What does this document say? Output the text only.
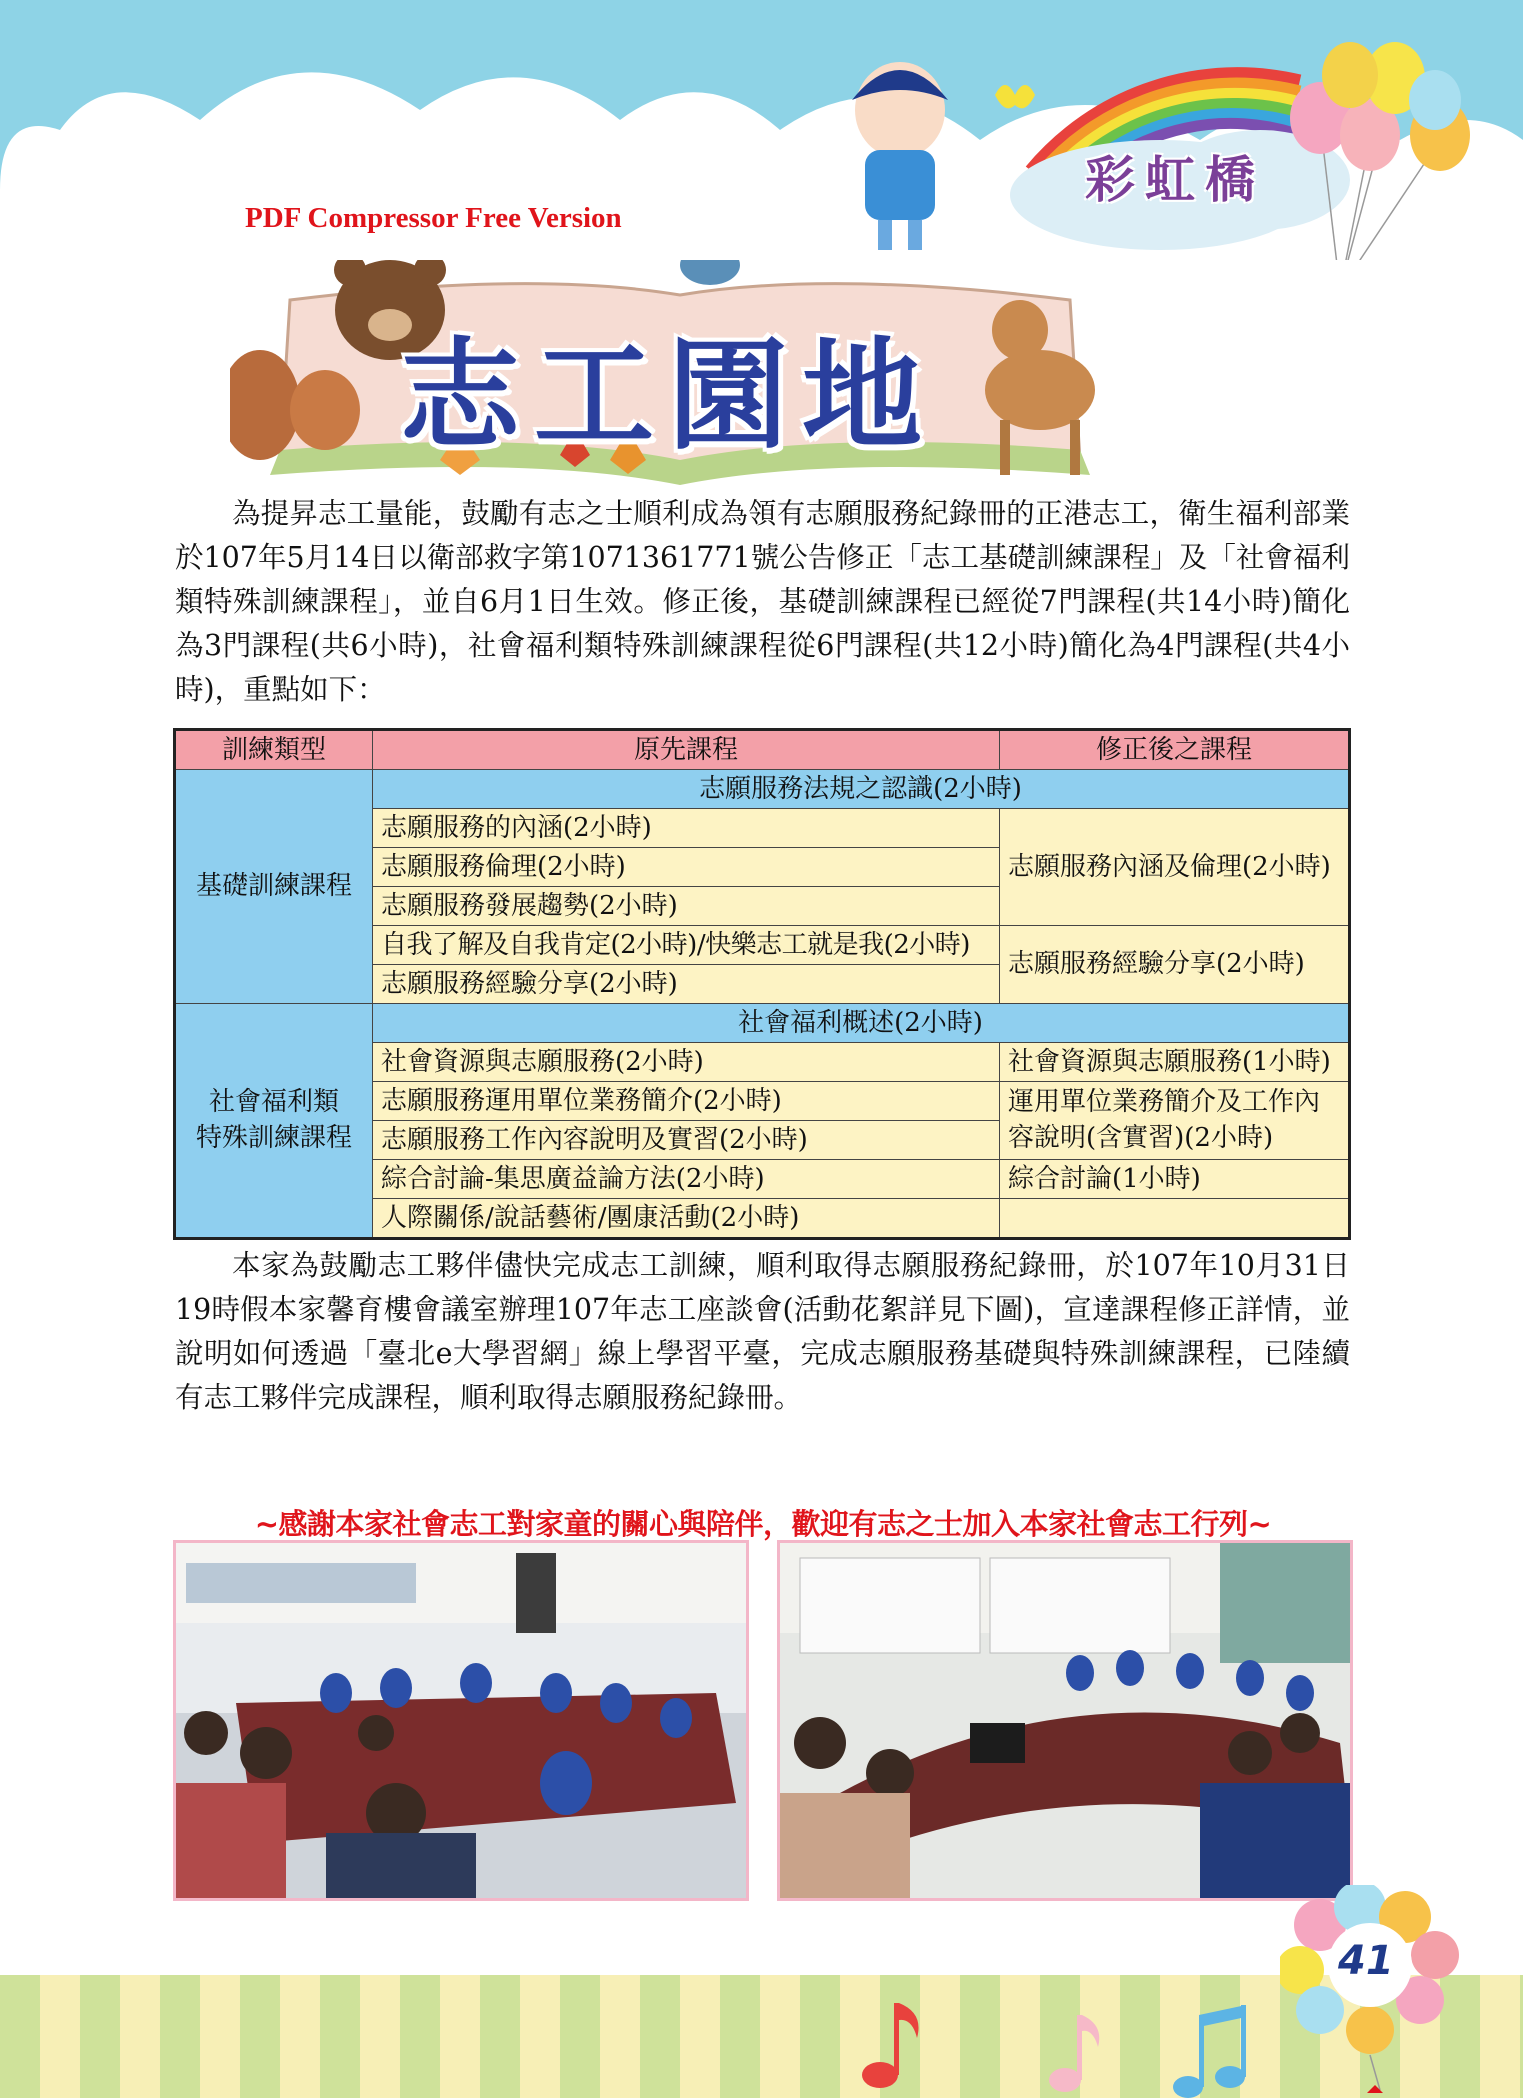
PDF Compressor Free Version
彩虹橋
志工園地

為提昇志工量能，鼓勵有志之士順利成為領有志願服務紀錄冊的正港志工，衛生福利部業於107年5月14日以衛部救字第1071361771號公告修正「志工基礎訓練課程」及「社會福利類特殊訓練課程」，並自6月1日生效。修正後，基礎訓練課程已經從7門課程(共14小時)簡化為3門課程(共6小時)，社會福利類特殊訓練課程從6門課程(共12小時)簡化為4門課程(共4小時)，重點如下：

訓練類型	原先課程	修正後之課程
基礎訓練課程	志願服務法規之認識(2小時)	
	志願服務的內涵(2小時)	志願服務內涵及倫理(2小時)
	志願服務倫理(2小時)	
	志願服務發展趨勢(2小時)	
	自我了解及自我肯定(2小時)/快樂志工就是我(2小時)	志願服務經驗分享(2小時)
	志願服務經驗分享(2小時)	
社會福利類
特殊訓練課程	社會福利概述(2小時)	
	社會資源與志願服務(2小時)	社會資源與志願服務(1小時)
	志願服務運用單位業務簡介(2小時)	運用單位業務簡介及工作內容說明(含實習)(2小時)
	志願服務工作內容說明及實習(2小時)	
	綜合討論-集思廣益論方法(2小時)	綜合討論(1小時)
	人際關係/說話藝術/團康活動(2小時)	

本家為鼓勵志工夥伴儘快完成志工訓練，順利取得志願服務紀錄冊，於107年10月31日19時假本家馨育樓會議室辦理107年志工座談會(活動花絮詳見下圖)，宣達課程修正詳情，並說明如何透過「臺北e大學習網」線上學習平臺，完成志願服務基礎與特殊訓練課程，已陸續有志工夥伴完成課程，順利取得志願服務紀錄冊。

~感謝本家社會志工對家童的關心與陪伴，歡迎有志之士加入本家社會志工行列~
41
